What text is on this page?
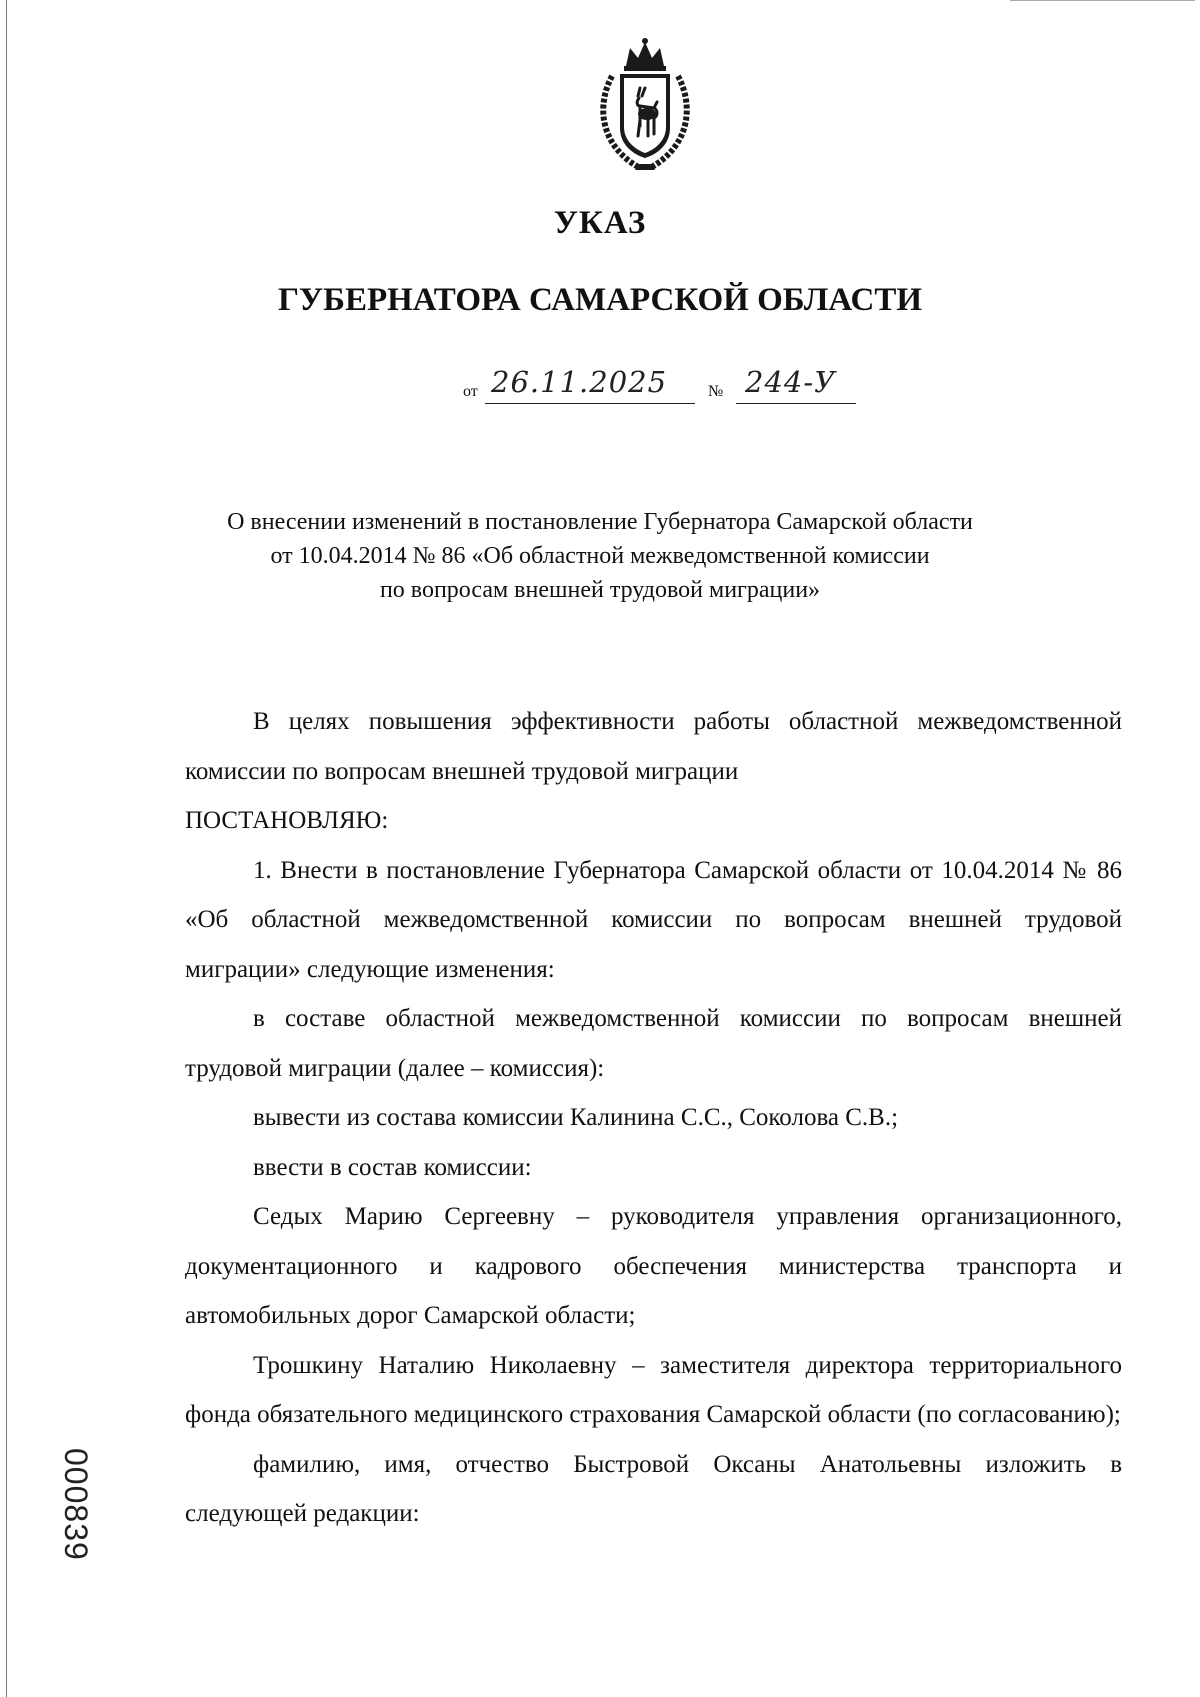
УКАЗ
ГУБЕРНАТОРА САМАРСКОЙ ОБЛАСТИ
от 26.11.2025	№ 244-У
О внесении изменений в постановление Губернатора Самарской области
от 10.04.2014 № 86 «Об областной межведомственной комиссии
по вопросам внешней трудовой миграции»

В целях повышения эффективности работы областной межведомственной комиссии по вопросам внешней трудовой миграции

ПОСТАНОВЛЯЮ:

1. Внести в постановление Губернатора Самарской области от 10.04.2014 № 86 «Об областной межведомственной комиссии по вопросам внешней трудовой миграции» следующие изменения:

в составе областной межведомственной комиссии по вопросам внешней трудовой миграции (далее – комиссия):

вывести из состава комиссии Калинина С.С., Соколова С.В.;

ввести в состав комиссии:

Седых Марию Сергеевну – руководителя управления организационного, документационного и кадрового обеспечения министерства транспорта и автомобильных дорог Самарской области;

Трошкину Наталию Николаевну – заместителя директора территориального фонда обязательного медицинского страхования Самарской области (по согласованию);

фамилию, имя, отчество Быстровой Оксаны Анатольевны изложить в следующей редакции:

000839
